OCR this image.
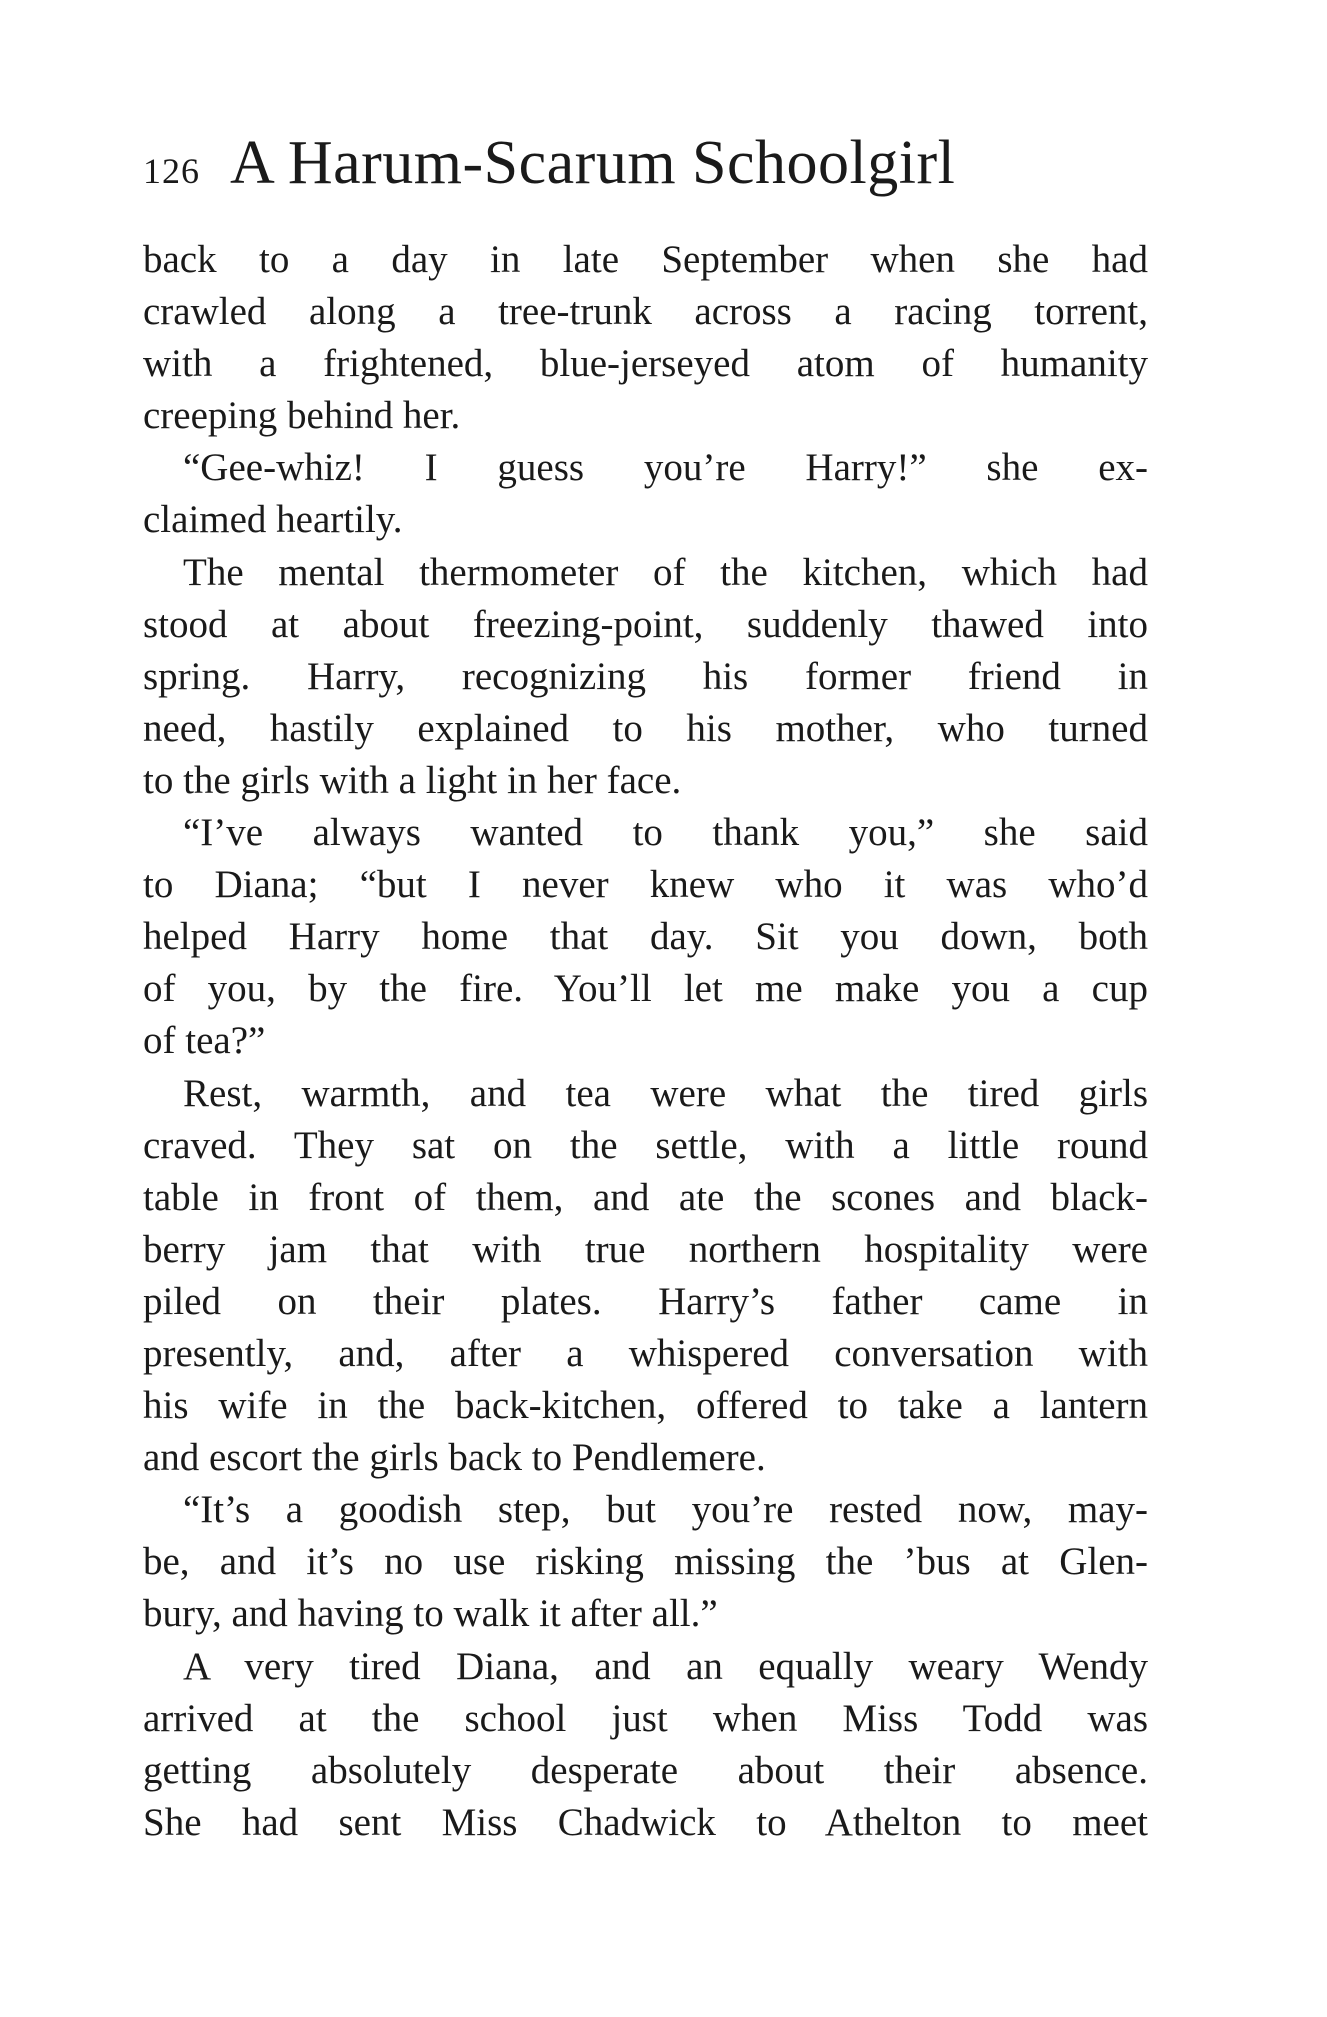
126 A Harum-Scarum Schoolgirl
back to a day in late September when she had
crawled along a tree-trunk across a racing torrent,
with a frightened, blue-jerseyed atom of humanity
creeping behind her.
“Gee-whiz! I guess you’re Harry!” she ex-
claimed heartily.
The mental thermometer of the kitchen, which had
stood at about freezing-point, suddenly thawed into
spring. Harry, recognizing his former friend in
need, hastily explained to his mother, who turned
to the girls with a light in her face.
“I’ve always wanted to thank you,” she said
to Diana; “but I never knew who it was who’d
helped Harry home that day. Sit you down, both
of you, by the fire. You’ll let me make you a cup
of tea?”
Rest, warmth, and tea were what the tired girls
craved. They sat on the settle, with a little round
table in front of them, and ate the scones and black-
berry jam that with true northern hospitality were
piled on their plates. Harry’s father came in
presently, and, after a whispered conversation with
his wife in the back-kitchen, offered to take a lantern
and escort the girls back to Pendlemere.
“It’s a goodish step, but you’re rested now, may-
be, and it’s no use risking missing the ’bus at Glen-
bury, and having to walk it after all.”
A very tired Diana, and an equally weary Wendy
arrived at the school just when Miss Todd was
getting absolutely desperate about their absence.
She had sent Miss Chadwick to Athelton to meet
